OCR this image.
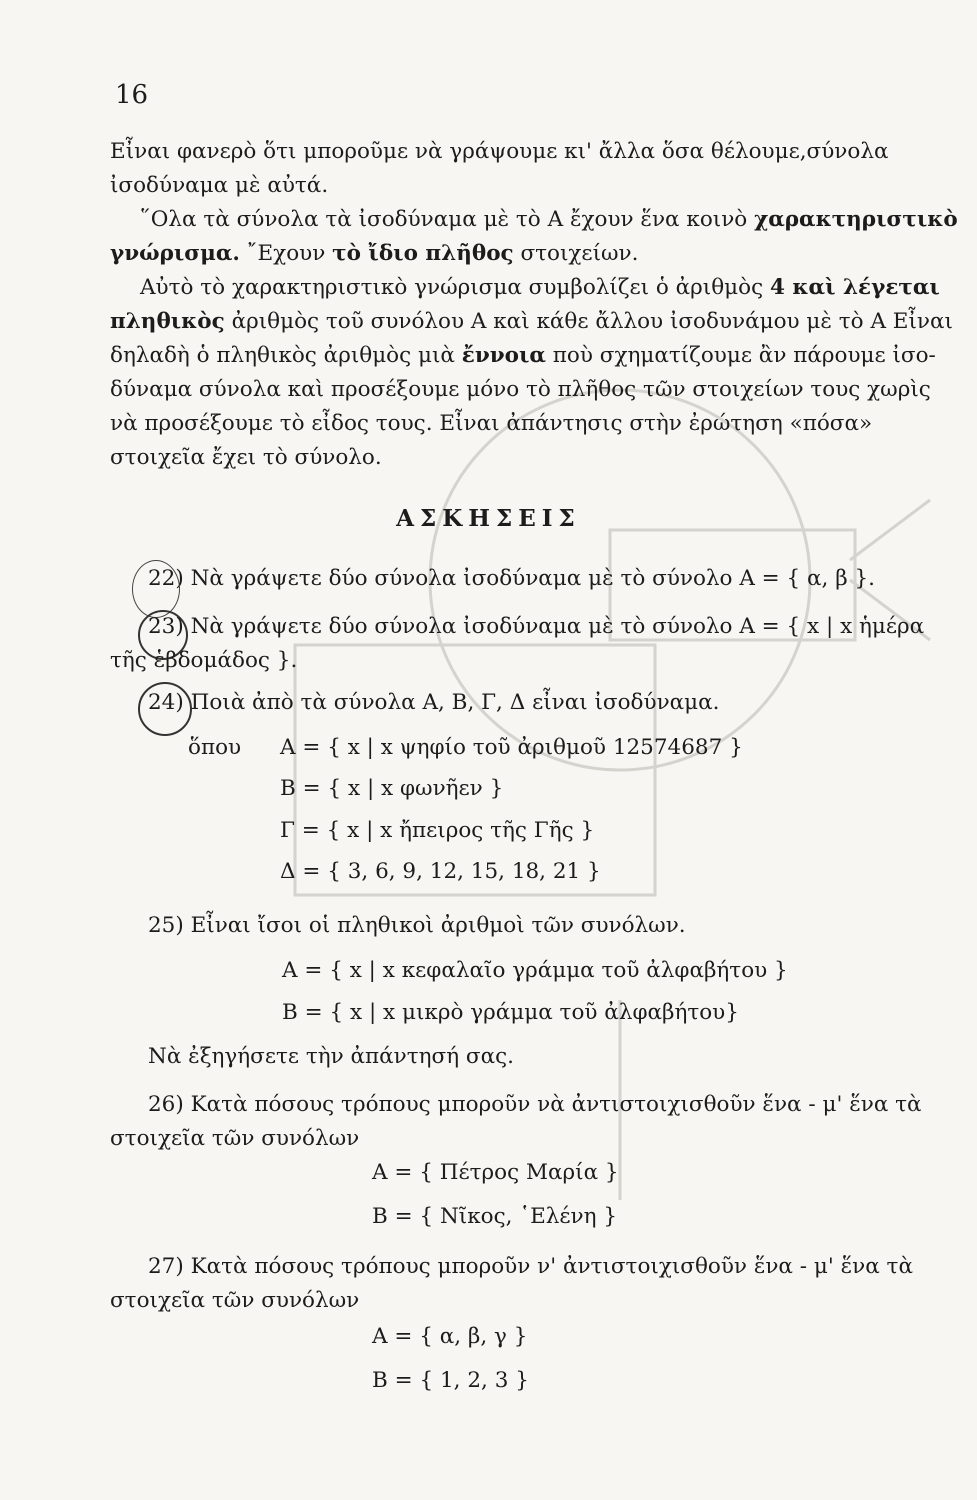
16
Εἶναι φανερὸ ὅτι μποροῦμε νὰ γράψουμε κι' ἄλλα ὅσα θέλουμε,σύνολα
ἰσοδύναμα μὲ αὐτά.
῞Ολα τὰ σύνολα τὰ ἰσοδύναμα μὲ τὸ Α ἔχουν ἕνα κοινὸ χαρακτηριστικὸ
γνώρισμα. ῎Εχουν τὸ ἴδιο πλῆθος στοιχείων.
Αὐτὸ τὸ χαρακτηριστικὸ γνώρισμα συμβολίζει ὁ ἀριθμὸς 4 καὶ λέγεται
πληθικὸς ἀριθμὸς τοῦ συνόλου Α καὶ κάθε ἄλλου ἰσοδυνάμου μὲ τὸ Α Εἶναι
δηλαδὴ ὁ πληθικὸς ἀριθμὸς μιὰ ἔννοια ποὺ σχηματίζουμε ἂν πάρουμε ἰσο-
δύναμα σύνολα καὶ προσέξουμε μόνο τὸ πλῆθος τῶν στοιχείων τους χωρὶς
νὰ προσέξουμε τὸ εἶδος τους. Εἶναι ἀπάντησις στὴν ἐρώτηση «πόσα»
στοιχεῖα ἔχει τὸ σύνολο.
ΑΣΚΗΣΕΙΣ
22) Νὰ γράψετε δύο σύνολα ἰσοδύναμα μὲ τὸ σύνολο Α = { α, β }.
23) Νὰ γράψετε δύο σύνολα ἰσοδύναμα μὲ τὸ σύνολο Α = { x | x ἡμέρα
τῆς ἑβδομάδος }.
24) Ποιὰ ἀπὸ τὰ σύνολα Α, Β, Γ, Δ εἶναι ἰσοδύναμα.
ὅπου Α = { x | x ψηφίο τοῦ ἀριθμοῦ 12574687 }
Β = { x | x φωνῆεν }
Γ = { x | x ἤπειρος τῆς Γῆς }
Δ = { 3, 6, 9, 12, 15, 18, 21 }
25) Εἶναι ἴσοι οἱ πληθικοὶ ἀριθμοὶ τῶν συνόλων.
Α = { x | x κεφαλαῖο γράμμα τοῦ ἀλφαβήτου }
Β = { x | x μικρὸ γράμμα τοῦ ἀλφαβήτου}
Νὰ ἐξηγήσετε τὴν ἀπάντησή σας.
26) Κατὰ πόσους τρόπους μποροῦν νὰ ἀντιστοιχισθοῦν ἕνα - μ' ἕνα τὰ
στοιχεῖα τῶν συνόλων
Α = { Πέτρος Μαρία }
Β = { Νῖκος, ῾Ελένη }
27) Κατὰ πόσους τρόπους μποροῦν ν' ἀντιστοιχισθοῦν ἕνα - μ' ἕνα τὰ
στοιχεῖα τῶν συνόλων
Α = { α, β, γ }
Β = { 1, 2, 3 }
